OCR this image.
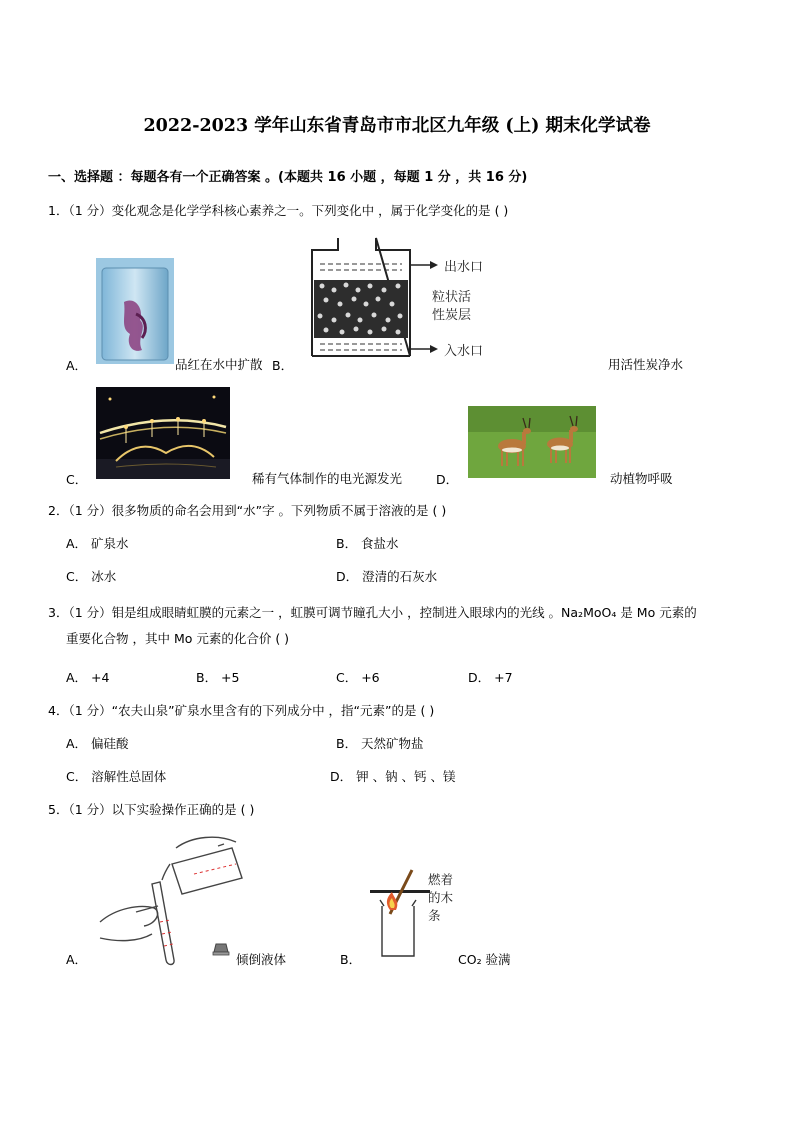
2022-2023 学年山东省青岛市市北区九年级 (上) 期末化学试卷
一、选择题 ：每题各有一个正确答案 。(本题共 16 小题 ，每题 1 分 ，共 16 分)
1．（1 分）变化观念是化学学科核心素养之一。下列变化中 ，属于化学变化的是 ( )
A．	品红在水中扩散 B．
出水口
粒状活
性炭层
入水口
用活性炭净水
C．	稀有气体制作的电光源发光	D．	动植物呼吸
2．（1 分）很多物质的命名会用到“水”字 。下列物质不属于溶液的是 ( )
A． 矿泉水	B． 食盐水
C． 冰水	D． 澄清的石灰水
3．（1 分）钼是组成眼睛虹膜的元素之一 ，虹膜可调节瞳孔大小 ，控制进入眼球内的光线 。Na₂MoO₄ 是 Mo 元素的
重要化合物 ，其中 Mo 元素的化合价 ( )
A． +4	B． +5	C． +6	D． +7
4．（1 分）“农夫山泉”矿泉水里含有的下列成分中 ，指“元素”的是 ( )
A． 偏硅酸	B． 天然矿物盐
C． 溶解性总固体	D． 钾 、钠 、钙 、镁
5．（1 分）以下实验操作正确的是 ( )
A．	倾倒液体	B．
燃着
的木
条
CO₂ 验满
